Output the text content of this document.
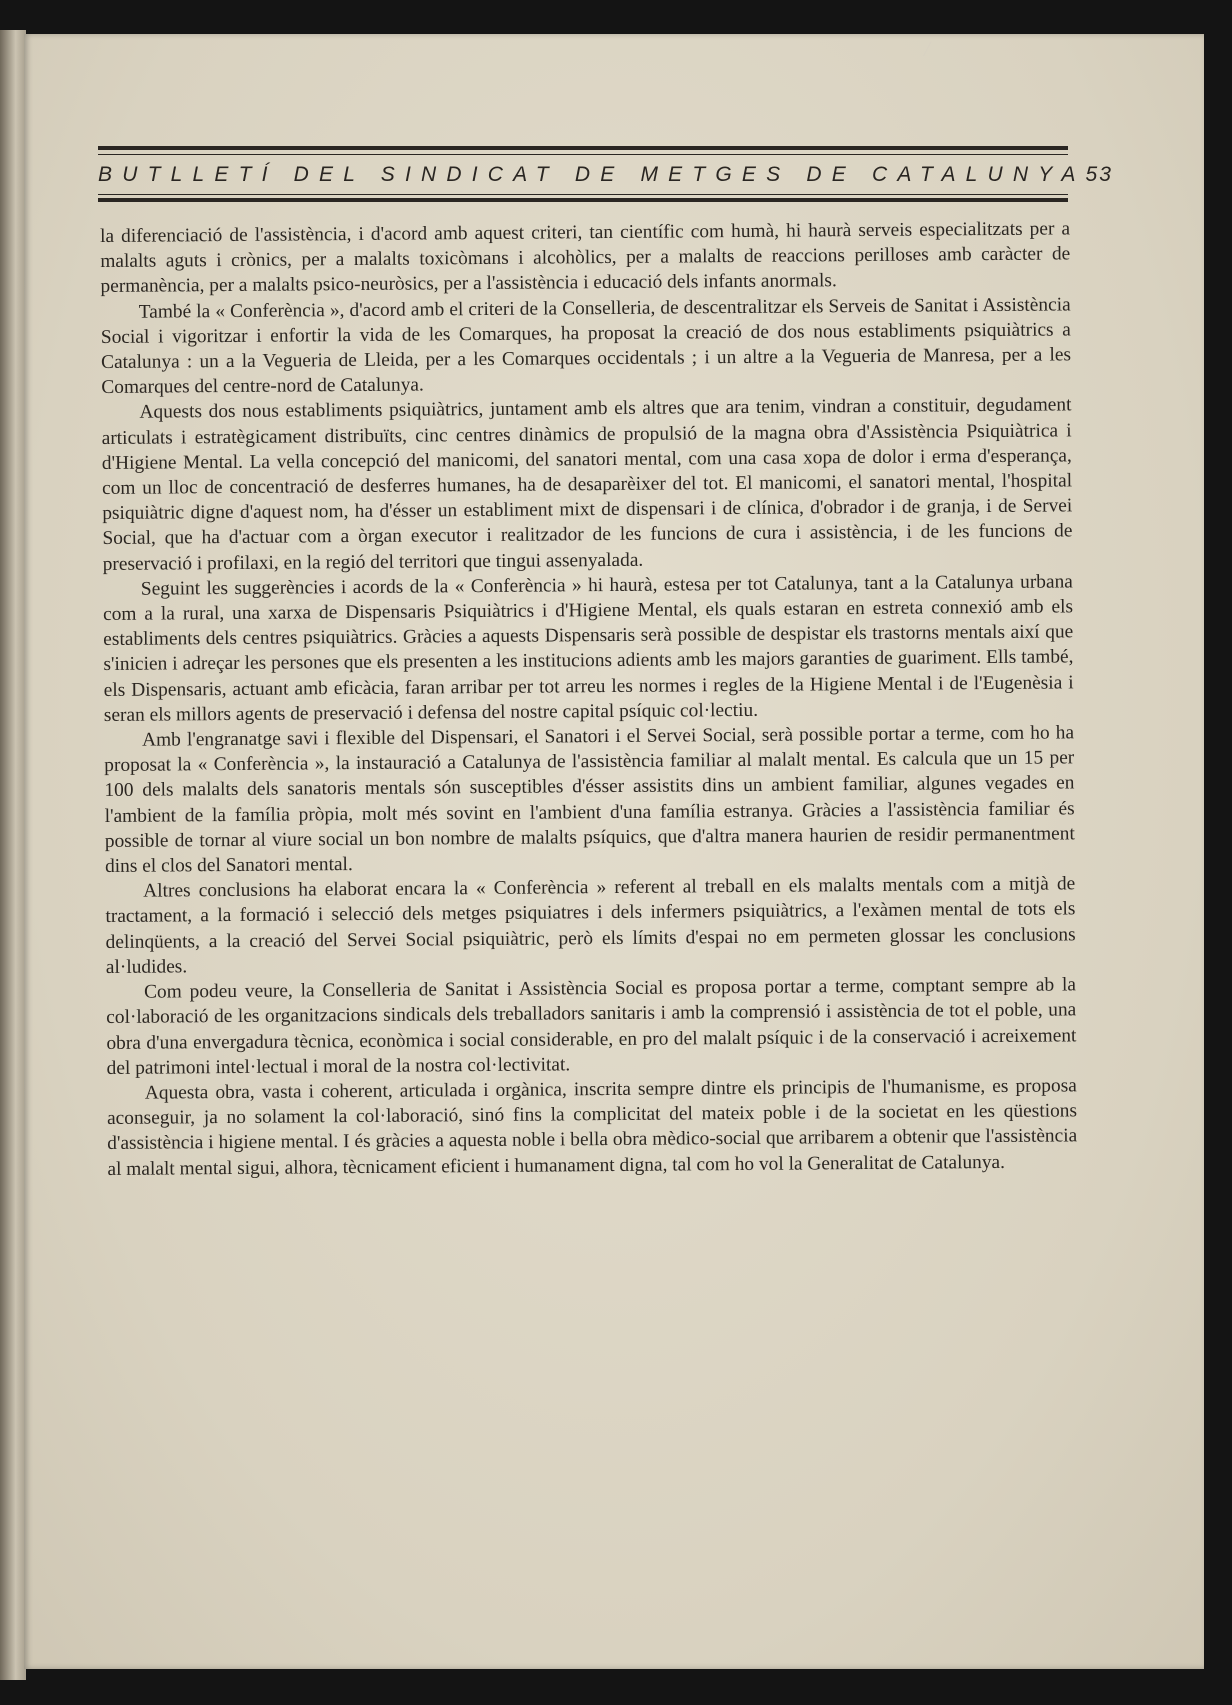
/
BUTLLETÍ DEL SINDICAT DE METGES DE CATALUNYA 53

la diferenciació de l'assistència, i d'acord amb aquest criteri, tan científic com humà, hi haurà serveis especialitzats per a malalts aguts i crònics, per a malalts toxicòmans i alcohòlics, per a malalts de reaccions perilloses amb caràcter de permanència, per a malalts psico-neuròsics, per a l'assistència i educació dels infants anormals.

També la « Conferència », d'acord amb el criteri de la Conselleria, de descentralitzar els Serveis de Sanitat i Assistència Social i vigoritzar i enfortir la vida de les Comarques, ha proposat la creació de dos nous establiments psiquiàtrics a Catalunya : un a la Vegueria de Lleida, per a les Comarques occidentals ; i un altre a la Vegueria de Manresa, per a les Comarques del centre-nord de Catalunya.

Aquests dos nous establiments psiquiàtrics, juntament amb els altres que ara tenim, vindran a constituir, degudament articulats i estratègicament distribuïts, cinc centres dinàmics de propulsió de la magna obra d'Assistència Psiquiàtrica i d'Higiene Mental. La vella concepció del manicomi, del sanatori mental, com una casa xopa de dolor i erma d'esperança, com un lloc de concentració de desferres humanes, ha de desaparèixer del tot. El manicomi, el sanatori mental, l'hospital psiquiàtric digne d'aquest nom, ha d'ésser un establiment mixt de dispensari i de clínica, d'obrador i de granja, i de Servei Social, que ha d'actuar com a òrgan executor i realitzador de les funcions de cura i assistència, i de les funcions de preservació i profilaxi, en la regió del territori que tingui assenyalada.

Seguint les suggerències i acords de la « Conferència » hi haurà, estesa per tot Catalunya, tant a la Catalunya urbana com a la rural, una xarxa de Dispensaris Psiquiàtrics i d'Higiene Mental, els quals estaran en estreta connexió amb els establiments dels centres psiquiàtrics. Gràcies a aquests Dispensaris serà possible de despistar els trastorns mentals així que s'inicien i adreçar les persones que els presenten a les institucions adients amb les majors garanties de guariment. Ells també, els Dispensaris, actuant amb eficàcia, faran arribar per tot arreu les normes i regles de la Higiene Mental i de l'Eugenèsia i seran els millors agents de preservació i defensa del nostre capital psíquic col·lectiu.

Amb l'engranatge savi i flexible del Dispensari, el Sanatori i el Servei Social, serà possible portar a terme, com ho ha proposat la « Conferència », la instauració a Catalunya de l'assistència familiar al malalt mental. Es calcula que un 15 per 100 dels malalts dels sanatoris mentals són susceptibles d'ésser assistits dins un ambient familiar, algunes vegades en l'ambient de la família pròpia, molt més sovint en l'ambient d'una família estranya. Gràcies a l'assistència familiar és possible de tornar al viure social un bon nombre de malalts psíquics, que d'altra manera haurien de residir permanentment dins el clos del Sanatori mental.

Altres conclusions ha elaborat encara la « Conferència » referent al treball en els malalts mentals com a mitjà de tractament, a la formació i selecció dels metges psiquiatres i dels infermers psiquiàtrics, a l'exàmen mental de tots els delinqüents, a la creació del Servei Social psiquiàtric, però els límits d'espai no em permeten glossar les conclusions al·ludides.

Com podeu veure, la Conselleria de Sanitat i Assistència Social es proposa portar a terme, comptant sempre ab la col·laboració de les organitzacions sindicals dels treballadors sanitaris i amb la comprensió i assistència de tot el poble, una obra d'una envergadura tècnica, econòmica i social considerable, en pro del malalt psíquic i de la conservació i acreixement del patrimoni intel·lectual i moral de la nostra col·lectivitat.

Aquesta obra, vasta i coherent, articulada i orgànica, inscrita sempre dintre els principis de l'humanisme, es proposa aconseguir, ja no solament la col·laboració, sinó fins la complicitat del mateix poble i de la societat en les qüestions d'assistència i higiene mental. I és gràcies a aquesta noble i bella obra mèdico-social que arribarem a obtenir que l'assistència al malalt mental sigui, alhora, tècnicament eficient i humanament digna, tal com ho vol la Generalitat de Catalunya.
